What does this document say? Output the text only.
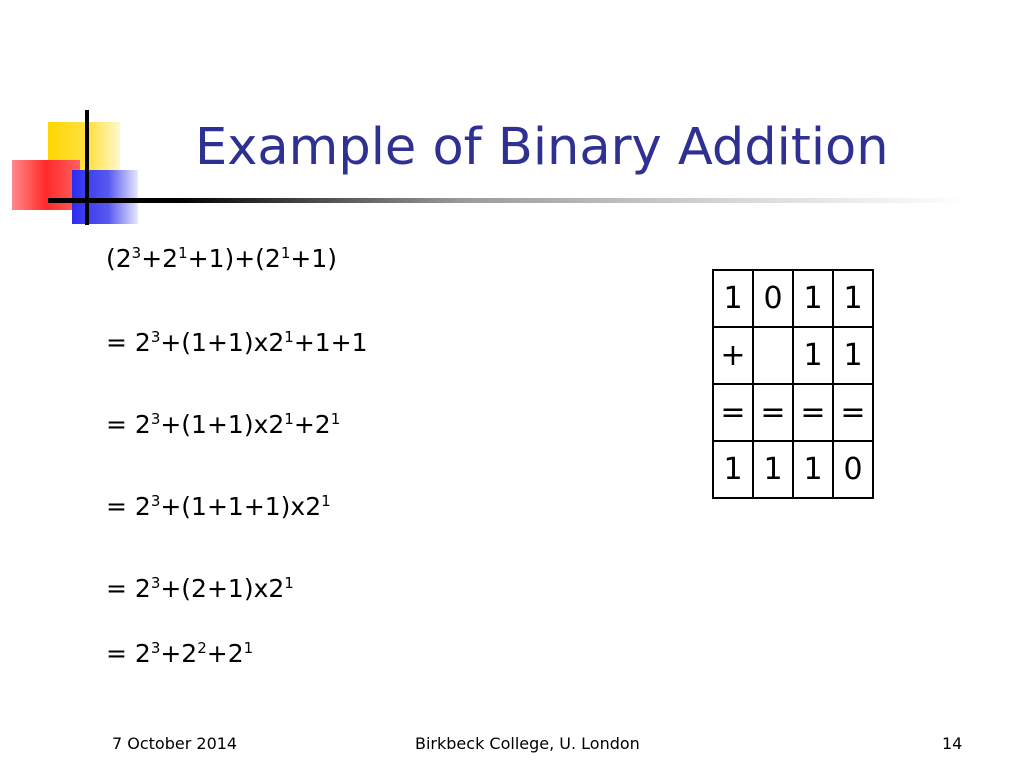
Example of Binary Addition
$(2^3+2^1+1)+(2^1+1)$
= $2^3+(1+1)x2^1+1+1$
= $2^3+(1+1)x2^1+2^1$
= $2^3+(1+1+1)x2^1$
= $2^3+(2+1)x2^1$
= $2^3+2^2+2^1$
1	0	1	1
+		1	1
=	=	=	=
1	1	1	0
7 October 2014	Birkbeck College, U. London	14
